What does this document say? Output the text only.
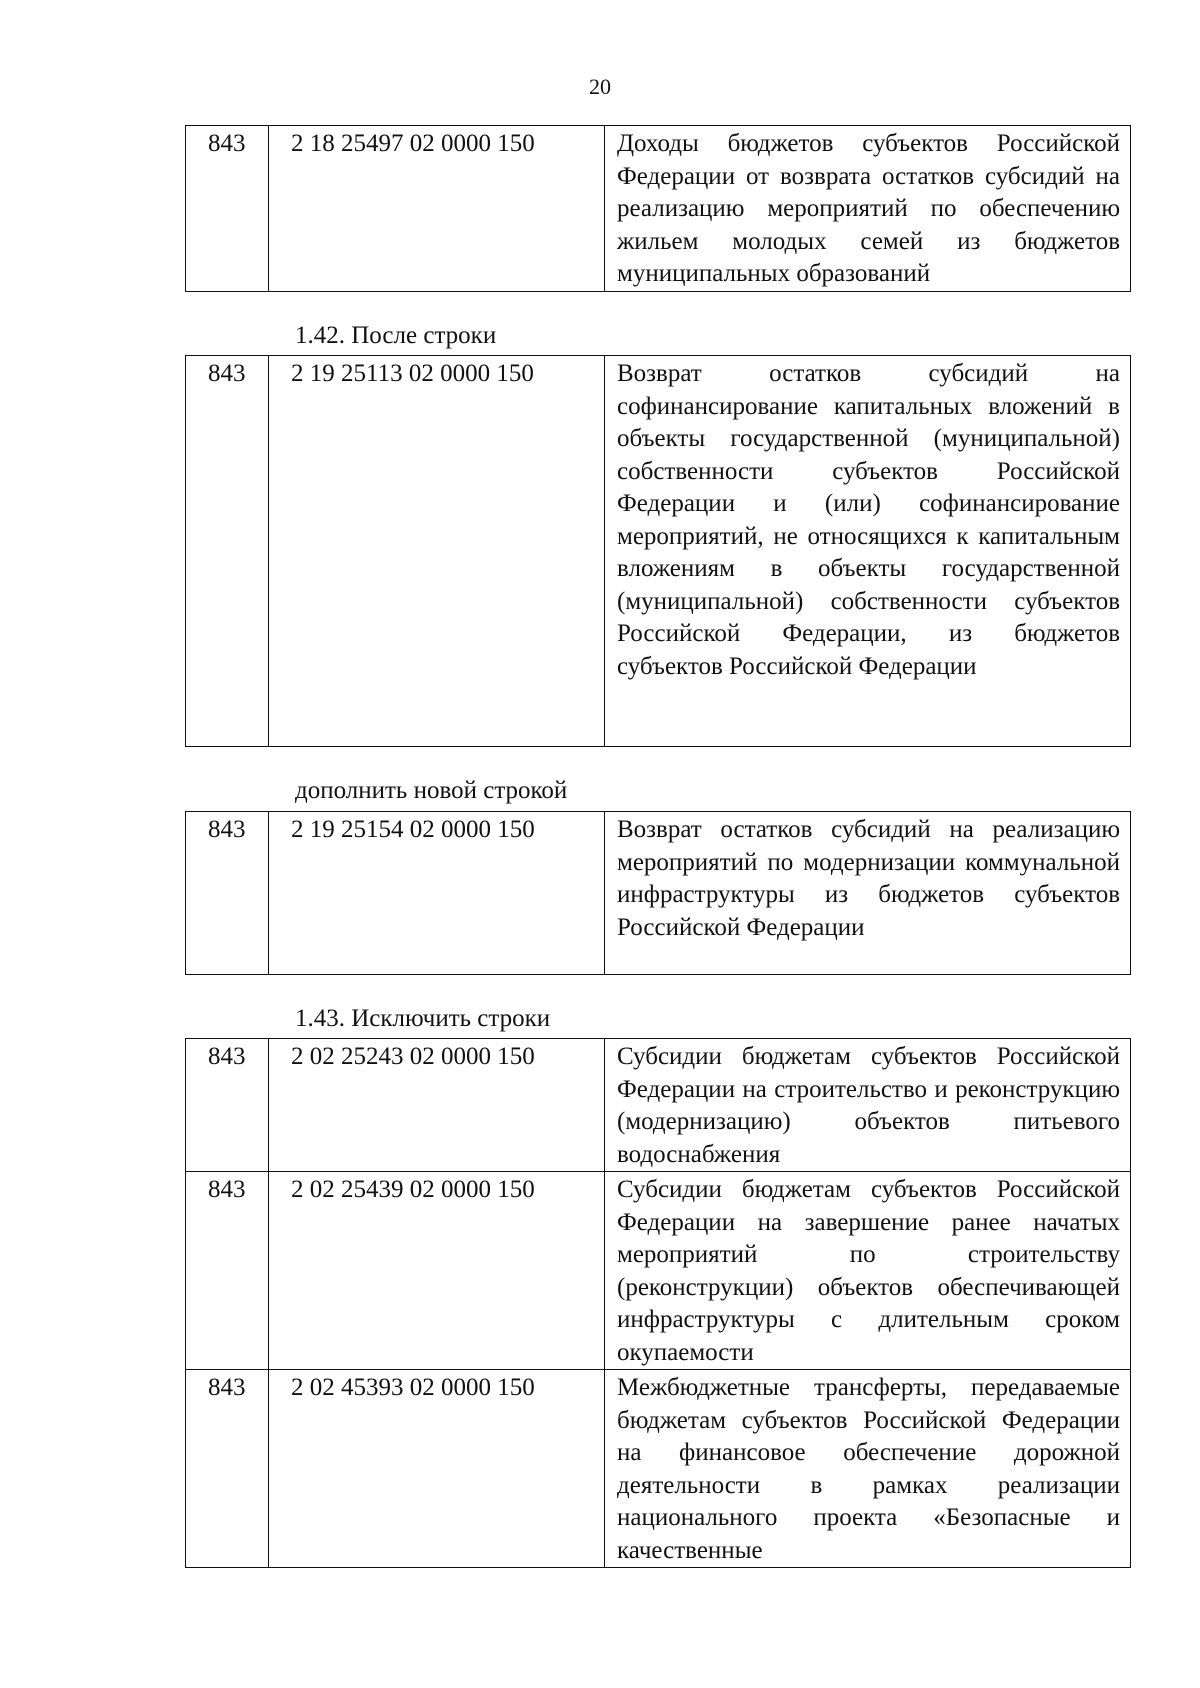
20
843	2 18 25497 02 0000 150	Доходы бюджетов субъектов Российской Федерации от возврата остатков субсидий на реализацию мероприятий по обеспечению жильем молодых семей из бюджетов муниципальных образований
1.42. После строки
843	2 19 25113 02 0000 150	Возврат остатков субсидий на софинансирование капитальных вложений в объекты государственной (муниципальной) собственности субъектов Российской Федерации и (или) софинансирование мероприятий, не относящихся к капитальным вложениям в объекты государственной (муниципальной) собственности субъектов Российской Федерации, из бюджетов субъектов Российской Федерации
дополнить новой строкой
843	2 19 25154 02 0000 150	Возврат остатков субсидий на реализацию мероприятий по модернизации коммунальной инфраструктуры из бюджетов субъектов Российской Федерации
1.43. Исключить строки
843	2 02 25243 02 0000 150	Субсидии бюджетам субъектов Российской Федерации на строительство и реконструкцию (модернизацию) объектов питьевого водоснабжения
843	2 02 25439 02 0000 150	Субсидии бюджетам субъектов Российской Федерации на завершение ранее начатых мероприятий по строительству (реконструкции) объектов обеспечивающей инфраструктуры с длительным сроком окупаемости
843	2 02 45393 02 0000 150	Межбюджетные трансферты, передаваемые бюджетам субъектов Российской Федерации на финансовое обеспечение дорожной деятельности в рамках реализации национального проекта «Безопасные и качественные
